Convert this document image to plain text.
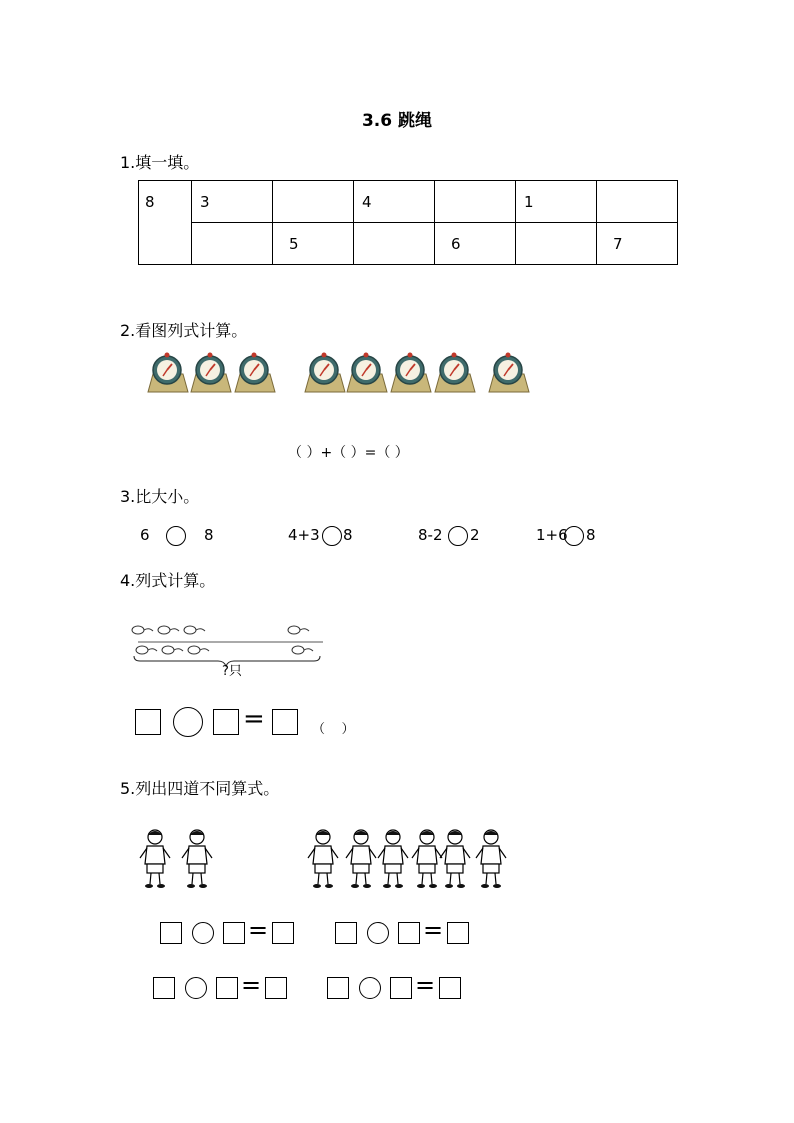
3.6 跳绳
1.填一填。
8	3		4		1	
		5		6		7
2.看图列式计算。
（ ）+（ ）=（ ）
3.比大小。
6	8	4+3 8	8-2 2	1+6 8
4.列式计算。
?只
=	（    ）
5.列出四道不同算式。
=	=
=	=
